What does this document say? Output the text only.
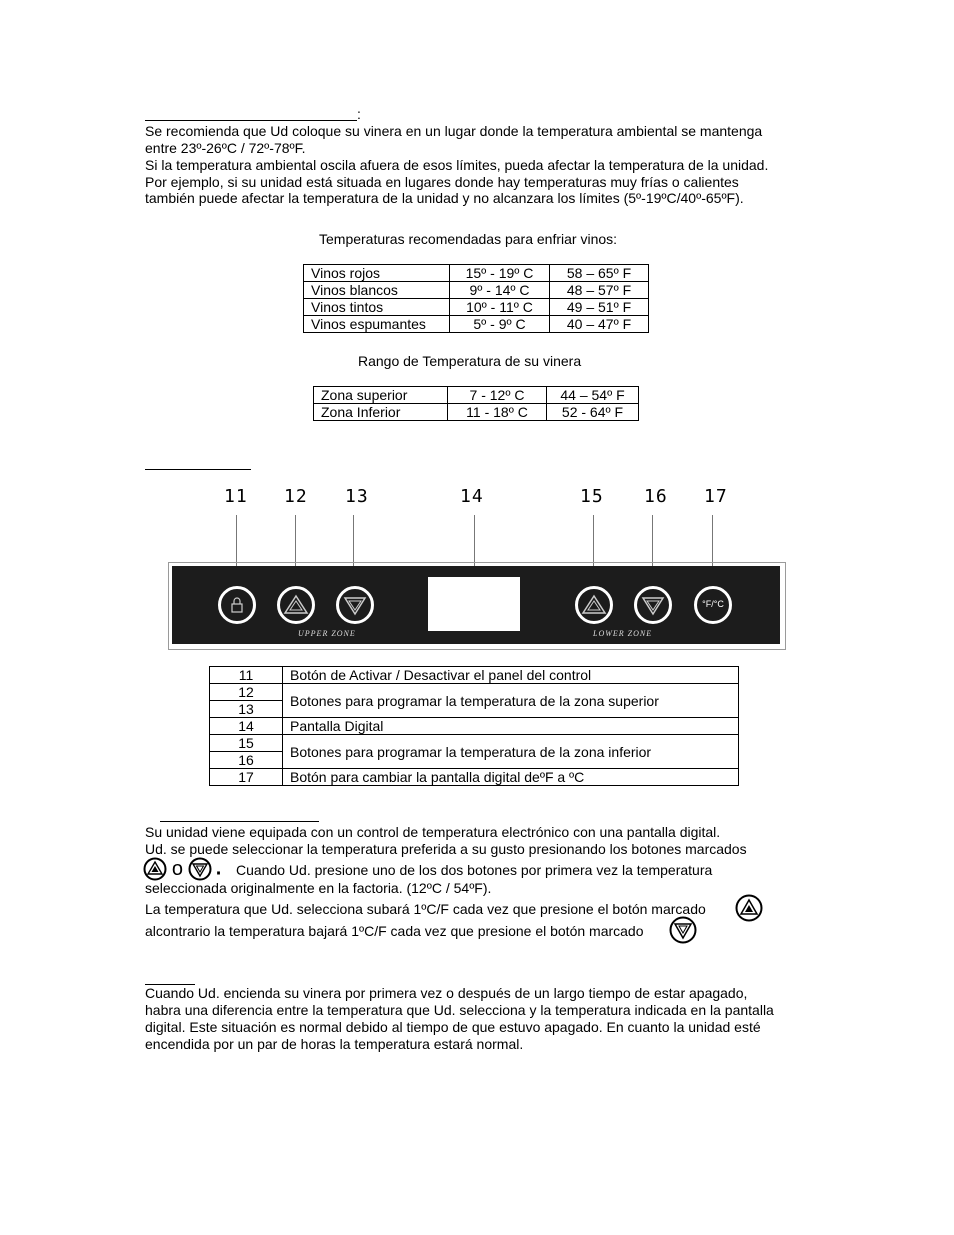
:
Se recomienda que Ud coloque su vinera en un lugar donde la temperatura ambiental se mantenga
entre 23º-26ºC / 72º-78ºF.
Si la temperatura ambiental oscila afuera de esos límites, pueda afectar la temperatura de la unidad.
Por ejemplo, si su unidad está situada en lugares donde hay temperaturas muy frías o calientes
también puede afectar la temperatura de la unidad y no alcanzara los límites (5º-19ºC/40º-65ºF).
Temperaturas recomendadas para enfriar vinos:
Vinos rojos	15º - 19º C	58 – 65º F
Vinos blancos	9º - 14º C	48 – 57º F
Vinos tintos	10º - 11º C	49 – 51º F
Vinos espumantes	5º - 9º C	40 – 47º F
Rango de Temperatura de su vinera
Zona superior	7 - 12º C	44 – 54º F
Zona Inferior	11 - 18º C	52 - 64º F
11 12 13	14	15 16 17
°F/°C
UPPER ZONE	LOWER ZONE
11	Botón de Activar / Desactivar el panel del control
12	Botones para programar la temperatura de la zona superior
13	
14	Pantalla Digital
15	Botones para programar la temperatura de la zona inferior
16	
17	Botón para cambiar la pantalla digital deºF a ºC
Su unidad viene equipada con un control de temperatura electrónico con una pantalla digital.
Ud. se puede seleccionar la temperatura preferida a su gusto presionando los botones marcados
o . Cuando Ud. presione uno de los dos botones por primera vez la temperatura
seleccionada originalmente en la factoria. (12ºC / 54ºF).
La temperatura que Ud. selecciona subará 1ºC/F cada vez que presione el botón marcado
alcontrario la temperatura bajará 1ºC/F cada vez que presione el botón marcado
Cuando Ud. encienda su vinera por primera vez o después de un largo tiempo de estar apagado,
habra una diferencia entre la temperatura que Ud. selecciona y la temperatura indicada en la pantalla
digital. Este situación es normal debido al tiempo de que estuvo apagado. En cuanto la unidad esté
encendida por un par de horas la temperatura estará normal.
